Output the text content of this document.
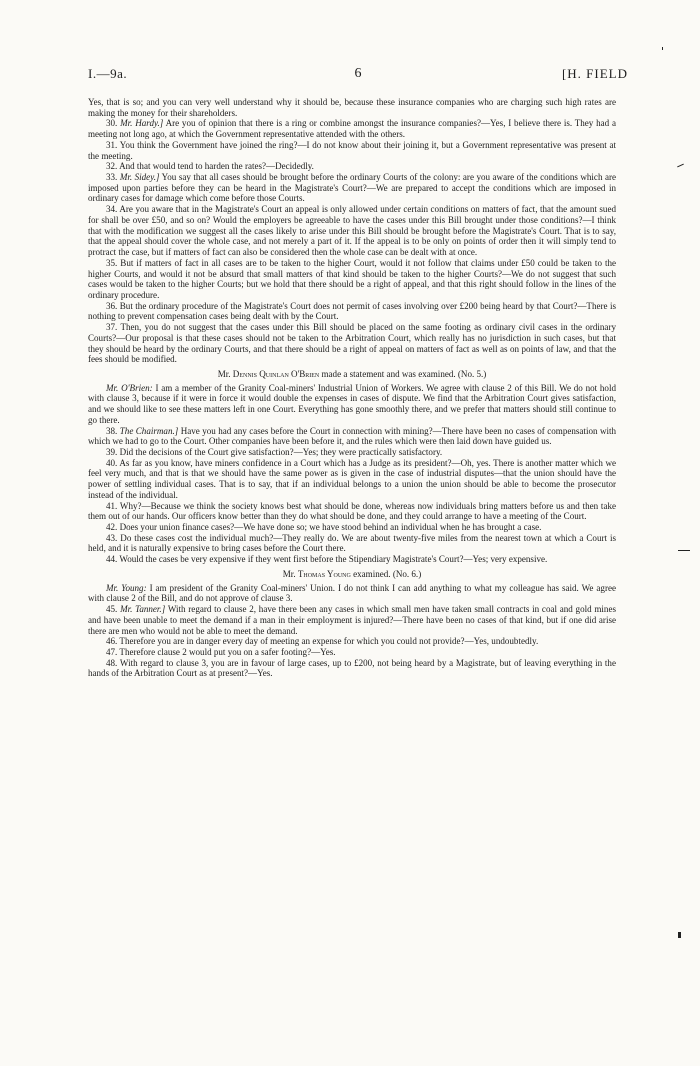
I.—9a.	6	[H. FIELD

Yes, that is so; and you can very well understand why it should be, because these insurance companies who are charging such high rates are making the money for their shareholders.

30. Mr. Hardy.] Are you of opinion that there is a ring or combine amongst the insurance companies?—Yes, I believe there is. They had a meeting not long ago, at which the Government representative attended with the others.

31. You think the Government have joined the ring?—I do not know about their joining it, but a Government representative was present at the meeting.

32. And that would tend to harden the rates?—Decidedly.

33. Mr. Sidey.] You say that all cases should be brought before the ordinary Courts of the colony: are you aware of the conditions which are imposed upon parties before they can be heard in the Magistrate's Court?—We are prepared to accept the conditions which are imposed in ordinary cases for damage which come before those Courts.

34. Are you aware that in the Magistrate's Court an appeal is only allowed under certain conditions on matters of fact, that the amount sued for shall be over £50, and so on? Would the employers be agreeable to have the cases under this Bill brought under those conditions?—I think that with the modification we suggest all the cases likely to arise under this Bill should be brought before the Magistrate's Court. That is to say, that the appeal should cover the whole case, and not merely a part of it. If the appeal is to be only on points of order then it will simply tend to protract the case, but if matters of fact can also be considered then the whole case can be dealt with at once.

35. But if matters of fact in all cases are to be taken to the higher Court, would it not follow that claims under £50 could be taken to the higher Courts, and would it not be absurd that small matters of that kind should be taken to the higher Courts?—We do not suggest that such cases would be taken to the higher Courts; but we hold that there should be a right of appeal, and that this right should follow in the lines of the ordinary procedure.

36. But the ordinary procedure of the Magistrate's Court does not permit of cases involving over £200 being heard by that Court?—There is nothing to prevent compensation cases being dealt with by the Court.

37. Then, you do not suggest that the cases under this Bill should be placed on the same footing as ordinary civil cases in the ordinary Courts?—Our proposal is that these cases should not be taken to the Arbitration Court, which really has no jurisdiction in such cases, but that they should be heard by the ordinary Courts, and that there should be a right of appeal on matters of fact as well as on points of law, and that the fees should be modified.

Mr. Dennis Quinlan O'Brien made a statement and was examined. (No. 5.)

Mr. O'Brien: I am a member of the Granity Coal-miners' Industrial Union of Workers. We agree with clause 2 of this Bill. We do not hold with clause 3, because if it were in force it would double the expenses in cases of dispute. We find that the Arbitration Court gives satisfaction, and we should like to see these matters left in one Court. Everything has gone smoothly there, and we prefer that matters should still continue to go there.

38. The Chairman.] Have you had any cases before the Court in connection with mining?—There have been no cases of compensation with which we had to go to the Court. Other companies have been before it, and the rules which were then laid down have guided us.

39. Did the decisions of the Court give satisfaction?—Yes; they were practically satisfactory.

40. As far as you know, have miners confidence in a Court which has a Judge as its president?—Oh, yes. There is another matter which we feel very much, and that is that we should have the same power as is given in the case of industrial disputes—that the union should have the power of settling individual cases. That is to say, that if an individual belongs to a union the union should be able to become the prosecutor instead of the individual.

41. Why?—Because we think the society knows best what should be done, whereas now individuals bring matters before us and then take them out of our hands. Our officers know better than they do what should be done, and they could arrange to have a meeting of the Court.

42. Does your union finance cases?—We have done so; we have stood behind an individual when he has brought a case.

43. Do these cases cost the individual much?—They really do. We are about twenty-five miles from the nearest town at which a Court is held, and it is naturally expensive to bring cases before the Court there.

44. Would the cases be very expensive if they went first before the Stipendiary Magistrate's Court?—Yes; very expensive.

Mr. Thomas Young examined. (No. 6.)

Mr. Young: I am president of the Granity Coal-miners' Union. I do not think I can add anything to what my colleague has said. We agree with clause 2 of the Bill, and do not approve of clause 3.

45. Mr. Tanner.] With regard to clause 2, have there been any cases in which small men have taken small contracts in coal and gold mines and have been unable to meet the demand if a man in their employment is injured?—There have been no cases of that kind, but if one did arise there are men who would not be able to meet the demand.

46. Therefore you are in danger every day of meeting an expense for which you could not provide?—Yes, undoubtedly.

47. Therefore clause 2 would put you on a safer footing?—Yes.

48. With regard to clause 3, you are in favour of large cases, up to £200, not being heard by a Magistrate, but of leaving everything in the hands of the Arbitration Court as at present?—Yes.
